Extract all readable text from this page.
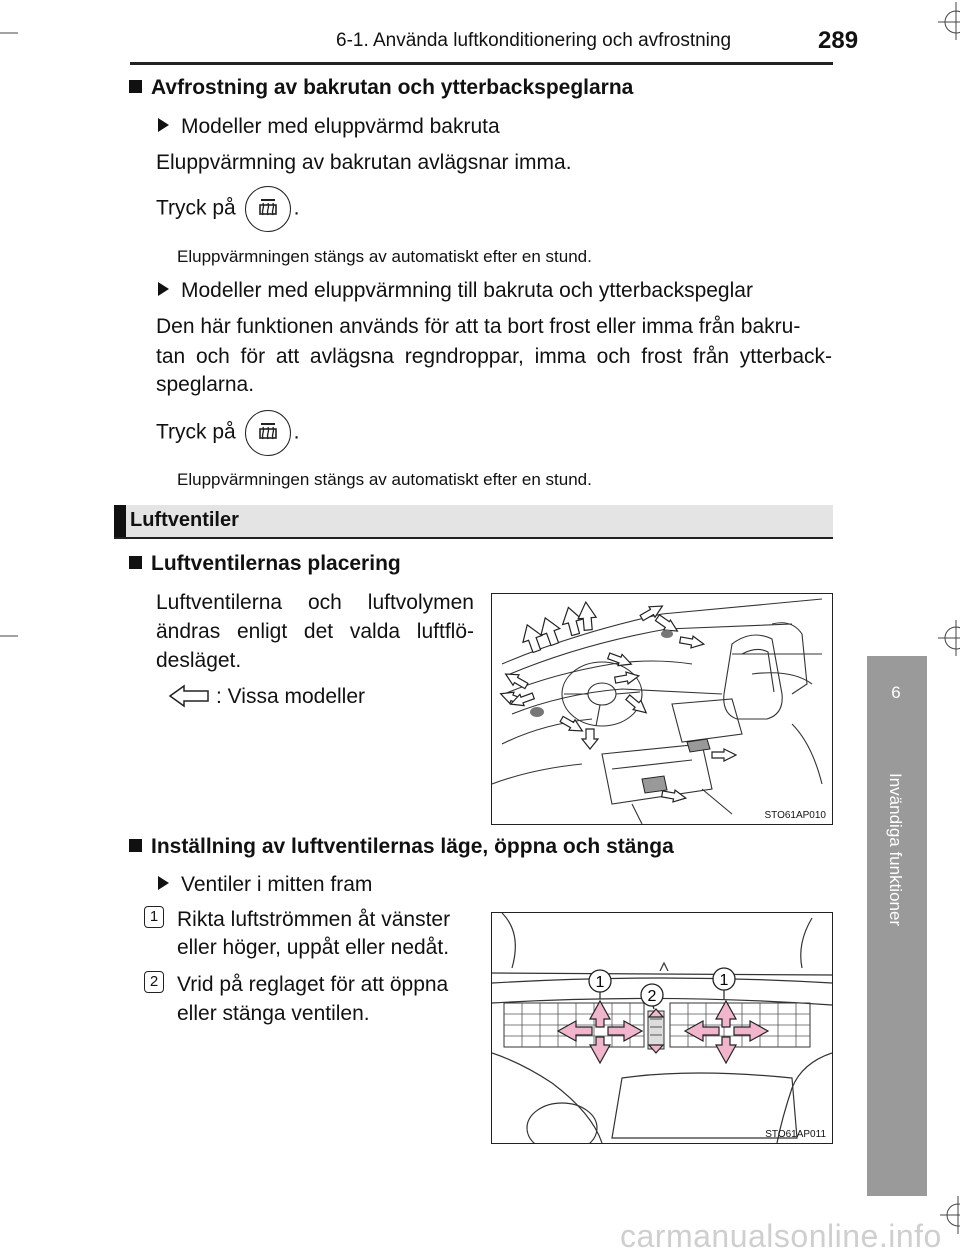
6-1. Använda luftkonditionering och avfrostning	289
6
Invändiga funktioner
Avfrostning av bakrutan och ytterbackspeglarna
Modeller med eluppvärmd bakruta
Eluppvärmning av bakrutan avlägsnar imma.
Tryck på	.
Eluppvärmningen stängs av automatiskt efter en stund.
Modeller med eluppvärmning till bakruta och ytterbackspeglar
Den här funktionen används för att ta bort frost eller imma från bakru-
tan och för att avlägsna regndroppar, imma och frost från ytterback-
speglarna.
Tryck på	.
Eluppvärmningen stängs av automatiskt efter en stund.
Luftventiler
Luftventilernas placering
Luftventilerna och luftvolymen
ändras enligt det valda luftflö-
desläget.
: Vissa modeller
STO61AP010
Inställning av luftventilernas läge, öppna och stänga
Ventiler i mitten fram
1 Rikta luftströmmen åt vänster
eller höger, uppåt eller nedåt.
2 Vrid på reglaget för att öppna
eller stänga ventilen.
1
2
1
STO61AP011
carmanualsonline.info
